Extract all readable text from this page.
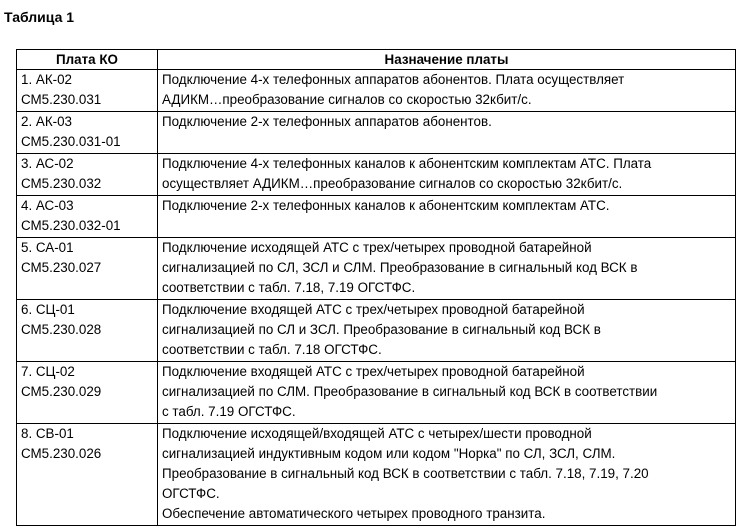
Таблица 1
Плата КО	Назначение платы

1. АК-02
СМ5.230.031	Подключение 4-х телефонных аппаратов абонентов. Плата осуществляет
АДИКМ…преобразование сигналов со скоростью 32кбит/с.

2. АК-03
СМ5.230.031-01	Подключение 2-х телефонных аппаратов абонентов.

3. АС-02
СМ5.230.032	Подключение 4-х телефонных каналов к абонентским комплектам АТС. Плата
осуществляет АДИКМ…преобразование сигналов со скоростью 32кбит/с.

4. АС-03
СМ5.230.032-01	Подключение 2-х телефонных каналов к абонентским комплектам АТС.

5. СА-01
СМ5.230.027	Подключение исходящей АТС с трех/четырех проводной батарейной
сигнализацией по СЛ, ЗСЛ и СЛМ. Преобразование в сигнальный код ВСК в
соответствии с табл. 7.18, 7.19 ОГСТФС.

6. СЦ-01
СМ5.230.028	Подключение входящей АТС с трех/четырех проводной батарейной
сигнализацией по СЛ и ЗСЛ. Преобразование в сигнальный код ВСК в
соответствии с табл. 7.18 ОГСТФС.

7. СЦ-02
СМ5.230.029	Подключение входящей АТС с трех/четырех проводной батарейной
сигнализацией по СЛМ. Преобразование в сигнальный код ВСК в соответствии
с табл. 7.19 ОГСТФС.

8. СВ-01
СМ5.230.026	Подключение исходящей/входящей АТС с четырех/шести проводной
сигнализацией индуктивным кодом или кодом "Норка" по СЛ, ЗСЛ, СЛМ.
Преобразование в сигнальный код ВСК в соответствии с табл. 7.18, 7.19, 7.20
ОГСТФС.
Обеспечение автоматического четырех проводного транзита.
